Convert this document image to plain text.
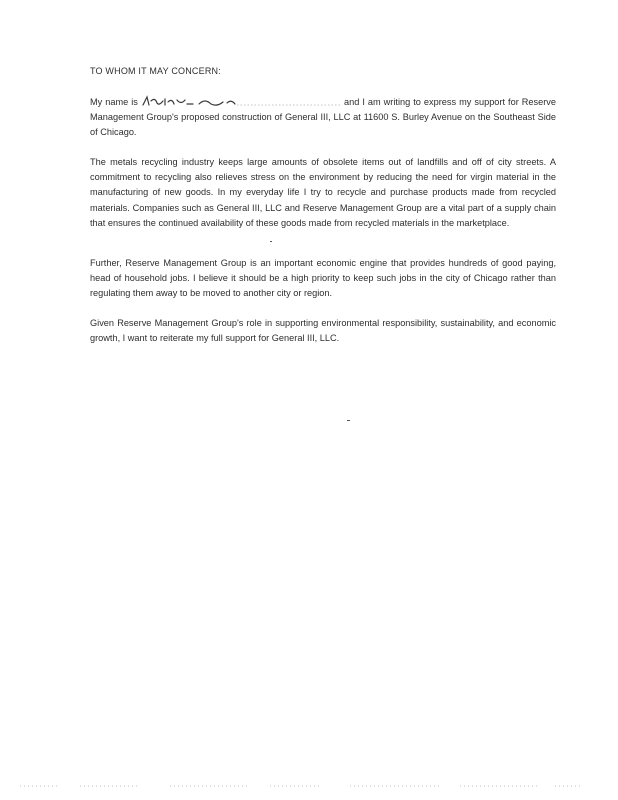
TO WHOM IT MAY CONCERN:
My name is	and I am writing to express my support for Reserve Management Group's proposed construction of General III, LLC at 11600 S. Burley Avenue on the Southeast Side of Chicago.
The metals recycling industry keeps large amounts of obsolete items out of landfills and off of city streets. A commitment to recycling also relieves stress on the environment by reducing the need for virgin material in the manufacturing of new goods. In my everyday life I try to recycle and purchase products made from recycled materials. Companies such as General III, LLC and Reserve Management Group are a vital part of a supply chain that ensures the continued availability of these goods made from recycled materials in the marketplace.
Further, Reserve Management Group is an important economic engine that provides hundreds of good paying, head of household jobs. I believe it should be a high priority to keep such jobs in the city of Chicago rather than regulating them away to be moved to another city or region.
Given Reserve Management Group's role in supporting environmental responsibility, sustainability, and economic growth, I want to reiterate my full support for General III, LLC.
